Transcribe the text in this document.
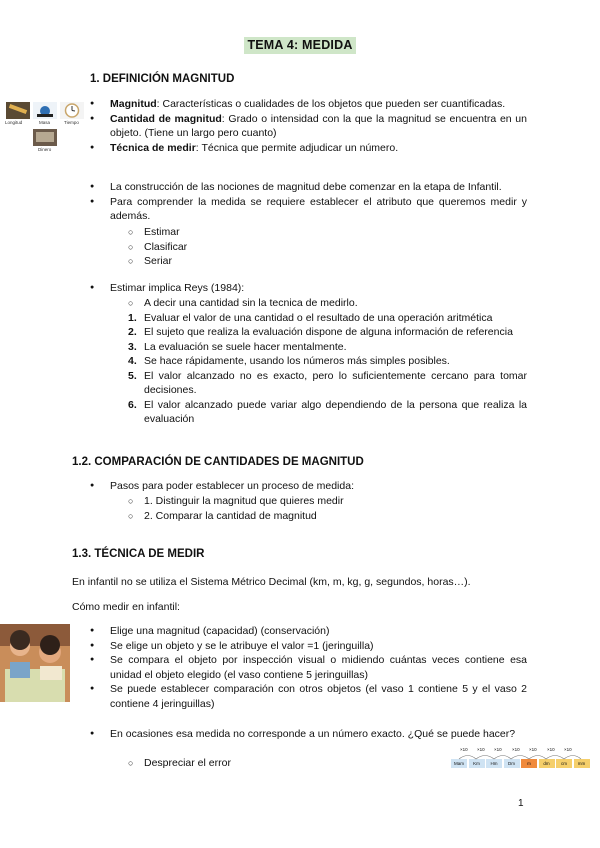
TEMA 4: MEDIDA
1. DEFINICIÓN MAGNITUD
Longitud	Masa	Tiempo
Dinero
● Magnitud: Características o cualidades de los objetos que pueden ser cuantificadas.
● Cantidad de magnitud: Grado o intensidad con la que la magnitud se encuentra en un objeto. (Tiene un largo pero cuanto)
● Técnica de medir: Técnica que permite adjudicar un número.
● La construcción de las nociones de magnitud debe comenzar en la etapa de Infantil.
● Para comprender la medida se requiere establecer el atributo que queremos medir y además.
○ Estimar
○ Clasificar
○ Seriar
● Estimar implica Reys (1984):
○ A decir una cantidad sin la tecnica de medirlo.
1. Evaluar el valor de una cantidad o el resultado de una operación aritmética
2. El sujeto que realiza la evaluación dispone de alguna información de referencia
3. La evaluación se suele hacer mentalmente.
4. Se hace rápidamente, usando los números más simples posibles.
5. El valor alcanzado no es exacto, pero lo suficientemente cercano para tomar decisiones.
6. El valor alcanzado puede variar algo dependiendo de la persona que realiza la evaluación
1.2. COMPARACIÓN DE CANTIDADES DE MAGNITUD
● Pasos para poder establecer un proceso de medida:
○ 1. Distinguir la magnitud que quieres medir
○ 2. Comparar la cantidad de magnitud
1.3. TÉCNICA DE MEDIR
En infantil no se utiliza el Sistema Métrico Decimal (km, m, kg, g, segundos, horas…).
Cómo medir en infantil:
● Elige una magnitud (capacidad) (conservación)
● Se elige un objeto y se le atribuye el valor =1 (jeringuilla)
● Se compara el objeto por inspección visual o midiendo cuántas veces contiene esa unidad el objeto elegido (el vaso contiene 5 jeringuillas)
● Se puede establecer comparación con otros objetos (el vaso 1 contiene 5 y el vaso 2 contiene 4 jeringuillas)
● En ocasiones esa medida no corresponde a un número exacto. ¿Qué se puede hacer?
○ Despreciar el error
×10 ×10 ×10 ×10 ×10 ×10 ×10
Mam	Km	Hm	Dm	m	dm	cm	mm
1
